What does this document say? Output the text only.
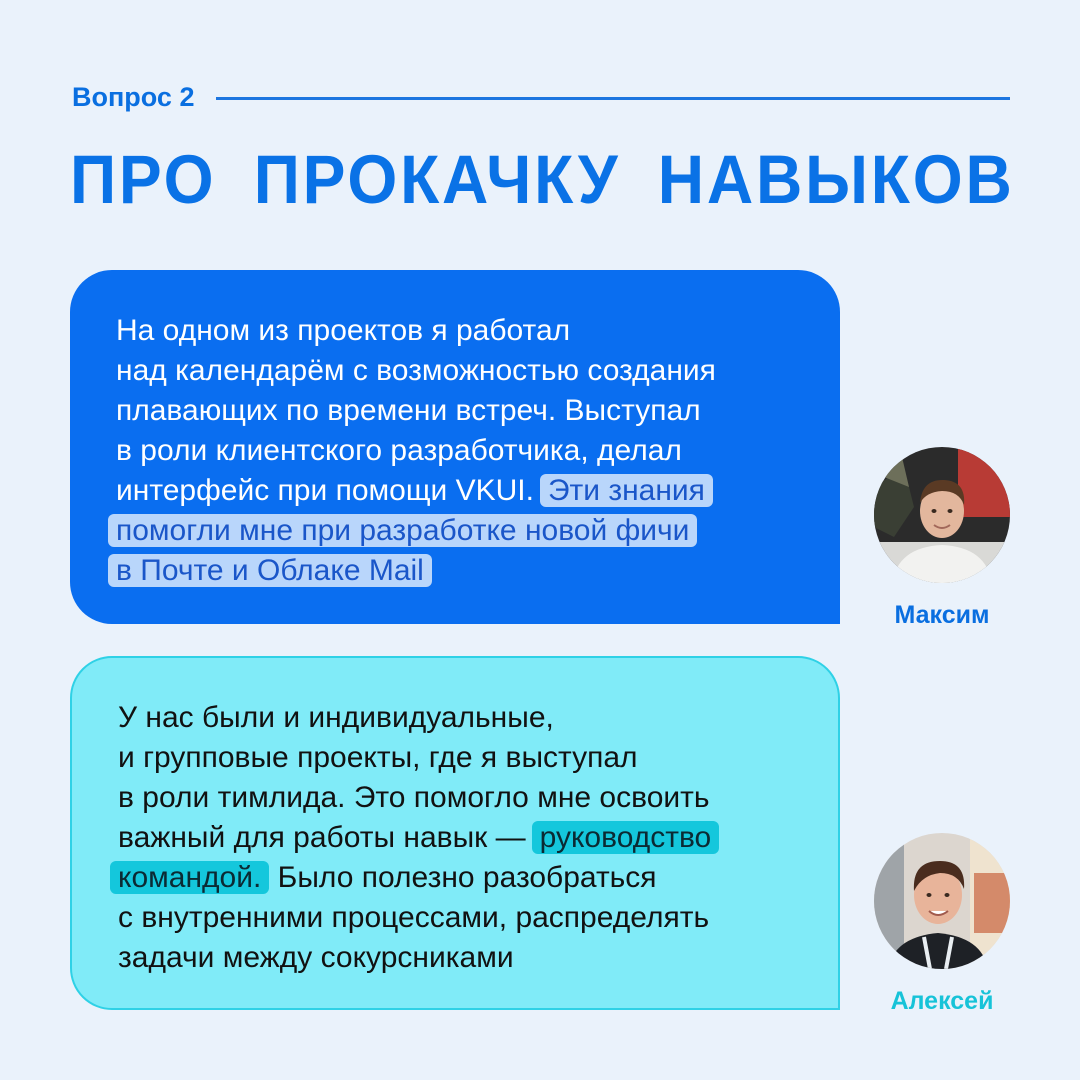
Вопрос 2
ПРО ПРОКАЧКУ НАВЫКОВ
На одном из проектов я работал
над календарём с возможностью создания
плавающих по времени встреч. Выступал
в роли клиентского разработчика, делал
интерфейс при помощи VKUI. Эти знания
помогли мне при разработке новой фичи
в Почте и Облаке Mail
Максим
У нас были и индивидуальные,
и групповые проекты, где я выступал
в роли тимлида. Это помогло мне освоить
важный для работы навык — руководство
командой. Было полезно разобраться
с внутренними процессами, распределять
задачи между сокурсниками
Алексей
